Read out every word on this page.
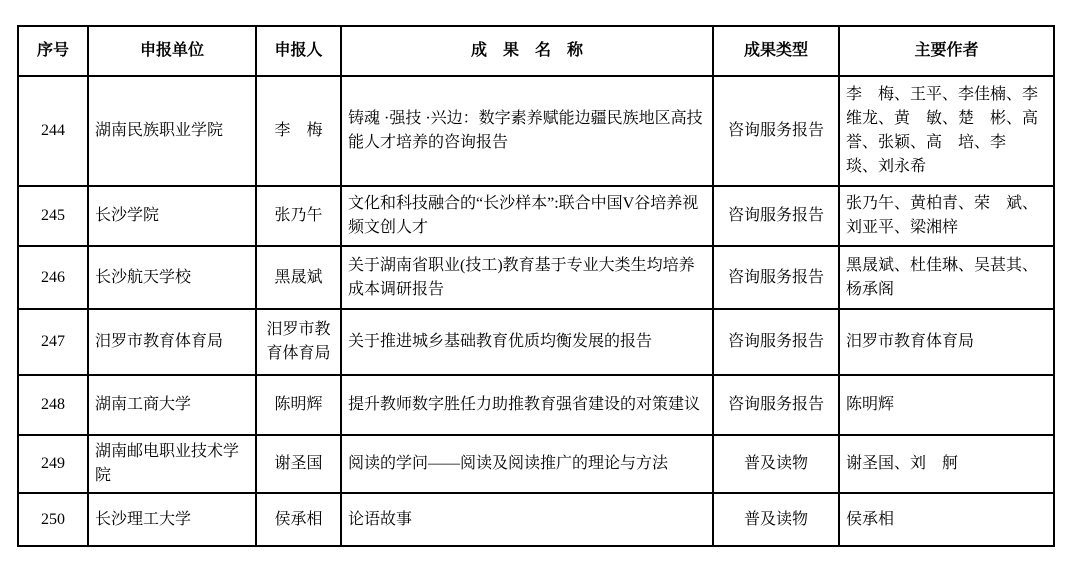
序号	申报单位	申报人	成　果　名　称	成果类型	主要作者
244	湖南民族职业学院	李　梅	铸魂 ·强技 ·兴边：数字素养赋能边疆民族地区高技能人才培养的咨询报告	咨询服务报告	李　梅、王平、李佳楠、李维龙、黄　敏、楚　彬、高誉、张颖、高　培、李　琰、刘永希
245	长沙学院	张乃午	文化和科技融合的“长沙样本”:联合中国V谷培养视频文创人才	咨询服务报告	张乃午、黄柏青、荣　斌、刘亚平、梁湘梓
246	长沙航天学校	黑晟斌	关于湖南省职业(技工)教育基于专业大类生均培养成本调研报告	咨询服务报告	黑晟斌、杜佳琳、吴甚其、杨承阁
247	汨罗市教育体育局	汨罗市教育体育局	关于推进城乡基础教育优质均衡发展的报告	咨询服务报告	汨罗市教育体育局
248	湖南工商大学	陈明辉	提升教师数字胜任力助推教育强省建设的对策建议	咨询服务报告	陈明辉
249	湖南邮电职业技术学院	谢圣国	阅读的学问——阅读及阅读推广的理论与方法	普及读物	谢圣国、刘　舸
250	长沙理工大学	侯承相	论语故事	普及读物	侯承相
